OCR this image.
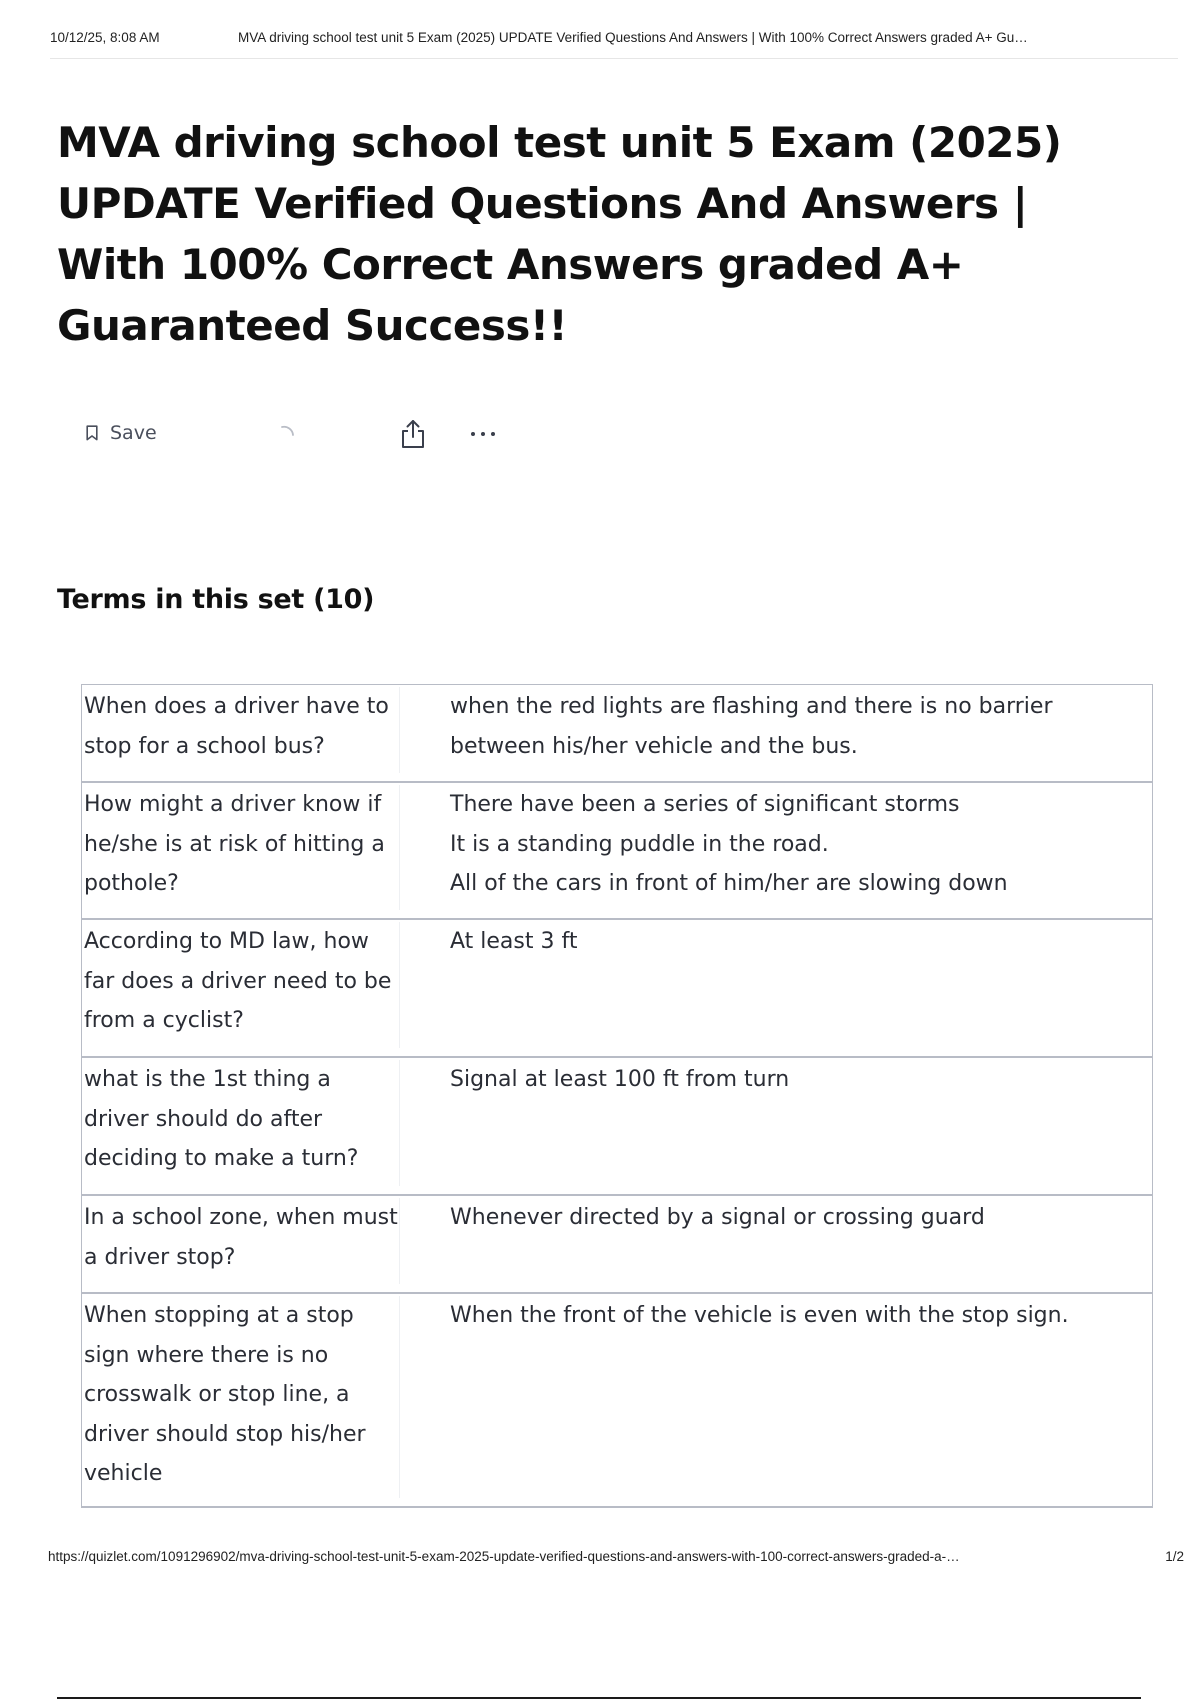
10/12/25, 8:08 AM	MVA driving school test unit 5 Exam (2025) UPDATE Verified Questions And Answers | With 100% Correct Answers graded A+ Gu…
MVA driving school test unit 5 Exam (2025) UPDATE Verified Questions And Answers | With 100% Correct Answers graded A+ Guaranteed Success!!
Save
Terms in this set (10)
When does a driver have to stop for a school bus?
when the red lights are flashing and there is no barrier between his/her vehicle and the bus.
How might a driver know if he/she is at risk of hitting a pothole?
There have been a series of significant storms
It is a standing puddle in the road.
All of the cars in front of him/her are slowing down
According to MD law, how far does a driver need to be from a cyclist?
At least 3 ft
what is the 1st thing a driver should do after deciding to make a turn?
Signal at least 100 ft from turn
In a school zone, when must a driver stop?
Whenever directed by a signal or crossing guard
When stopping at a stop sign where there is no crosswalk or stop line, a driver should stop his/her vehicle
When the front of the vehicle is even with the stop sign.
https://quizlet.com/1091296902/mva-driving-school-test-unit-5-exam-2025-update-verified-questions-and-answers-with-100-correct-answers-graded-a-…	1/2
